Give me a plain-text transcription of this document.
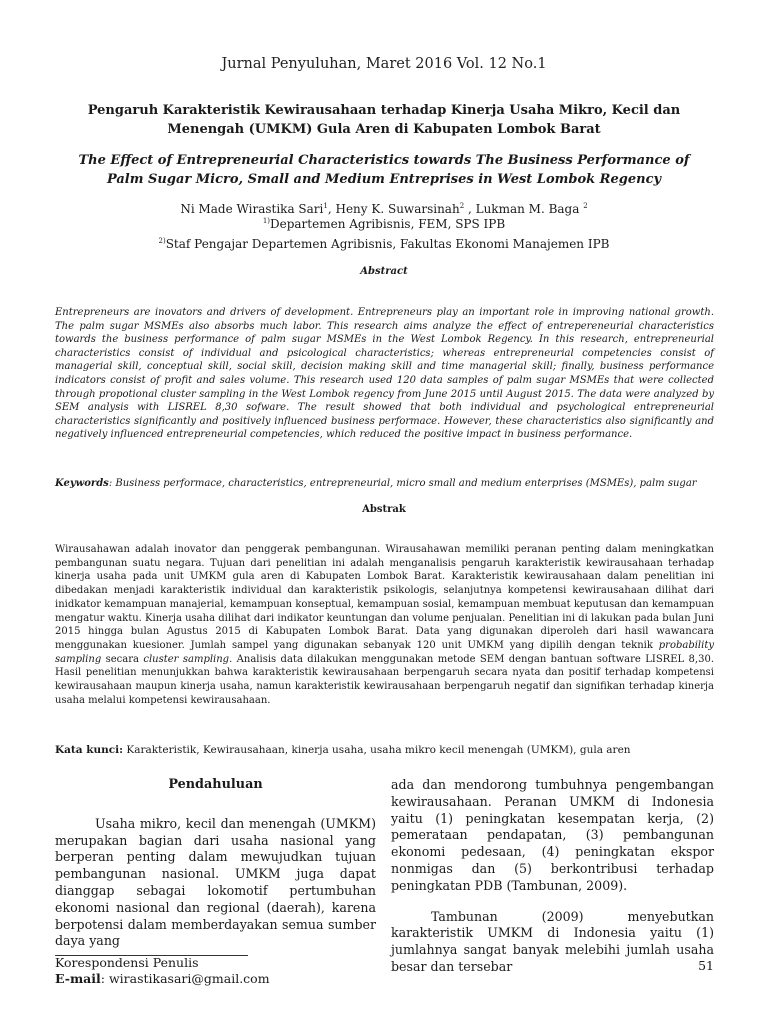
Jurnal Penyuluhan, Maret 2016 Vol. 12 No.1
Pengaruh Karakteristik Kewirausahaan terhadap Kinerja Usaha Mikro, Kecil dan Menengah (UMKM) Gula Aren di Kabupaten Lombok Barat
The Effect of Entrepreneurial Characteristics towards The Business Performance of Palm Sugar Micro, Small and Medium Entreprises in West Lombok Regency
Ni Made Wirastika Sari$^1$, Heny K. Suwarsinah$^2$ , Lukman M. Baga $^2$
$^{1)}$Departemen Agribisnis, FEM, SPS IPB
$^{2)}$Staf Pengajar Departemen Agribisnis, Fakultas Ekonomi Manajemen IPB
Abstract
Entrepreneurs are inovators and drivers of development. Entrepreneurs play an important role in improving national growth. The palm sugar MSMEs also absorbs much labor. This research aims analyze the effect of entrepereneurial characteristics towards the business performance of palm sugar MSMEs in the West Lombok Regency. In this research, entrepreneurial characteristics consist of individual and psicological characteristics; whereas entrepreneurial competencies consist of managerial skill, conceptual skill, social skill, decision making skill and time managerial skill; finally, business performance indicators consist of profit and sales volume. This research used 120 data samples of palm sugar MSMEs that were collected through propotional cluster sampling in the West Lombok regency from June 2015 until August 2015. The data were analyzed by SEM analysis with LISREL 8,30 sofware. The result showed that both individual and psychological entrepreneurial characteristics significantly and positively influenced business performace. However, these characteristics also significantly and negatively influenced entrepreneurial competencies, which reduced the positive impact in business performance.
Keywords: Business performace, characteristics, entrepreneurial, micro small and medium enterprises (MSMEs), palm sugar
Abstrak
Wirausahawan adalah inovator dan penggerak pembangunan. Wirausahawan memiliki peranan penting dalam meningkatkan pembangunan suatu negara. Tujuan dari penelitian ini adalah menganalisis pengaruh karakteristik kewirausahaan terhadap kinerja usaha pada unit UMKM gula aren di Kabupaten Lombok Barat. Karakteristik kewirausahaan dalam penelitian ini dibedakan menjadi karakteristik individual dan karakteristik psikologis, selanjutnya kompetensi kewirausahaan dilihat dari inidkator kemampuan manajerial, kemampuan konseptual, kemampuan sosial, kemampuan membuat keputusan dan kemampuan mengatur waktu. Kinerja usaha dilihat dari indikator keuntungan dan volume penjualan. Penelitian ini di lakukan pada bulan Juni 2015 hingga bulan Agustus 2015 di Kabupaten Lombok Barat. Data yang digunakan diperoleh dari hasil wawancara menggunakan kuesioner. Jumlah sampel yang digunakan sebanyak 120 unit UMKM yang dipilih dengan teknik probability sampling secara cluster sampling. Analisis data dilakukan menggunakan metode SEM dengan bantuan software LISREL 8,30. Hasil penelitian menunjukkan bahwa karakteristik kewirausahaan berpengaruh secara nyata dan positif terhadap kompetensi kewirausahaan maupun kinerja usaha, namun karakteristik kewirausahaan berpengaruh negatif dan signifikan terhadap kinerja usaha melalui kompetensi kewirausahaan.
Kata kunci: Karakteristik, Kewirausahaan, kinerja usaha, usaha mikro kecil menengah (UMKM), gula aren
Pendahuluan

Usaha mikro, kecil dan menengah (UMKM) merupakan bagian dari usaha nasional yang berperan penting dalam mewujudkan tujuan pembangunan nasional. UMKM juga dapat dianggap sebagai lokomotif pertumbuhan ekonomi nasional dan regional (daerah), karena berpotensi dalam memberdayakan semua sumber daya yang

ada dan mendorong tumbuhnya pengembangan kewirausahaan. Peranan UMKM di Indonesia yaitu (1) peningkatan kesempatan kerja, (2) pemerataan pendapatan, (3) pembangunan ekonomi pedesaan, (4) peningkatan ekspor nonmigas dan (5) berkontribusi terhadap peningkatan PDB (Tambunan, 2009).

Tambunan (2009) menyebutkan karakteristik UMKM di Indonesia yaitu (1) jumlahnya sangat banyak melebihi jumlah usaha besar dan tersebar

Korespondensi Penulis
E-mail: wirastikasari@gmail.com
51
